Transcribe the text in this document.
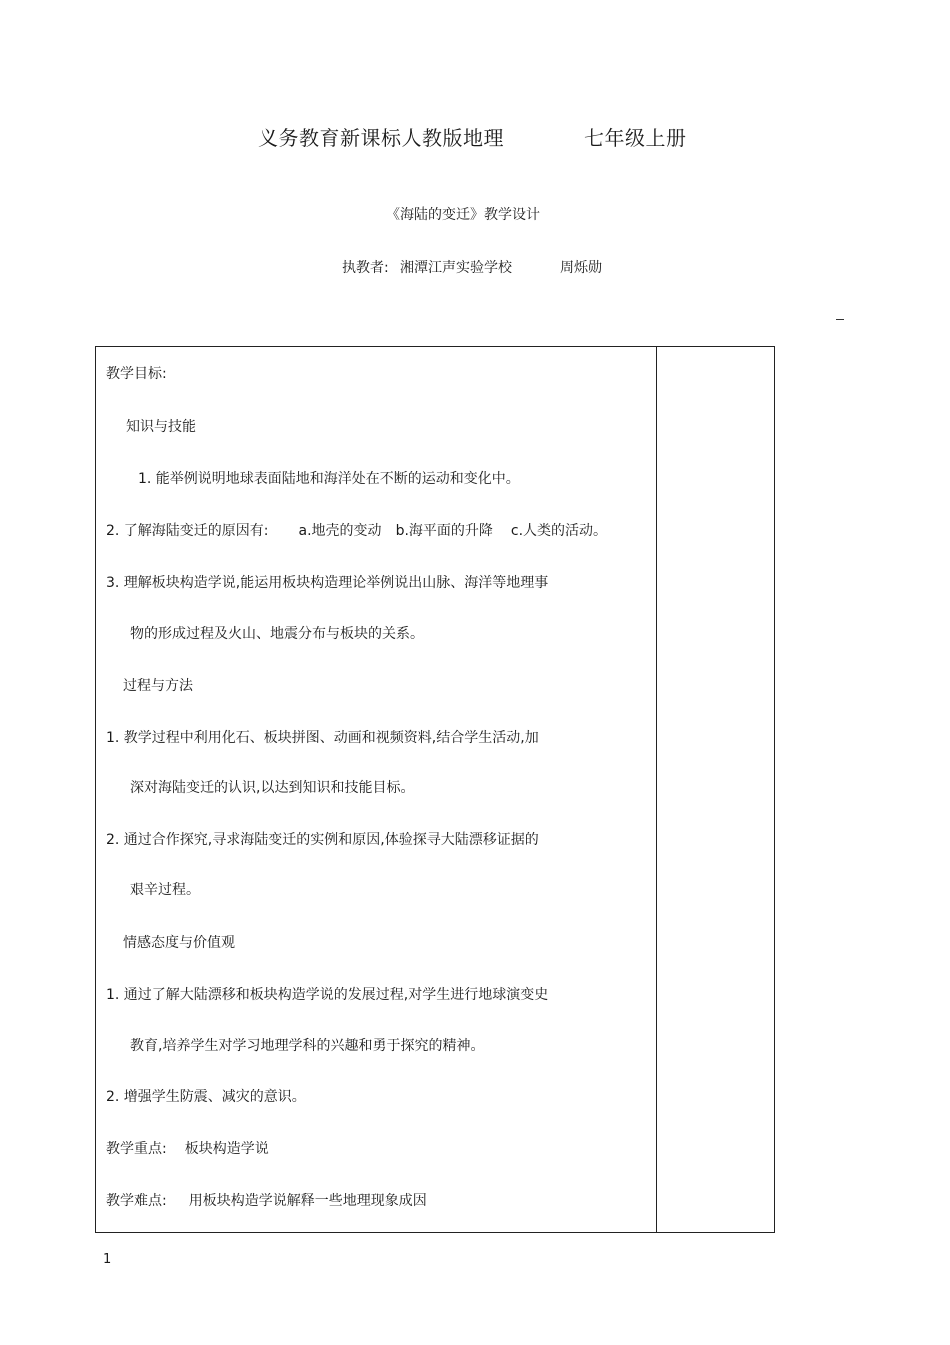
义务教育新课标人教版地理	七年级上册
《海陆的变迁》教学设计
执教者: 湘潭江声实验学校	周烁勋
教学目标:
知识与技能
1. 能举例说明地球表面陆地和海洋处在不断的运动和变化中。
2. 了解海陆变迁的原因有: a.地壳的变动 b.海平面的升降 c.人类的活动。
3. 理解板块构造学说,能运用板块构造理论举例说出山脉、海洋等地理事
物的形成过程及火山、地震分布与板块的关系。
过程与方法
1. 教学过程中利用化石、板块拼图、动画和视频资料,结合学生活动,加
深对海陆变迁的认识,以达到知识和技能目标。
2. 通过合作探究,寻求海陆变迁的实例和原因,体验探寻大陆漂移证据的
艰辛过程。
情感态度与价值观
1. 通过了解大陆漂移和板块构造学说的发展过程,对学生进行地球演变史
教育,培养学生对学习地理学科的兴趣和勇于探究的精神。
2. 增强学生防震、减灾的意识。
教学重点: 板块构造学说
教学难点: 用板块构造学说解释一些地理现象成因
1
